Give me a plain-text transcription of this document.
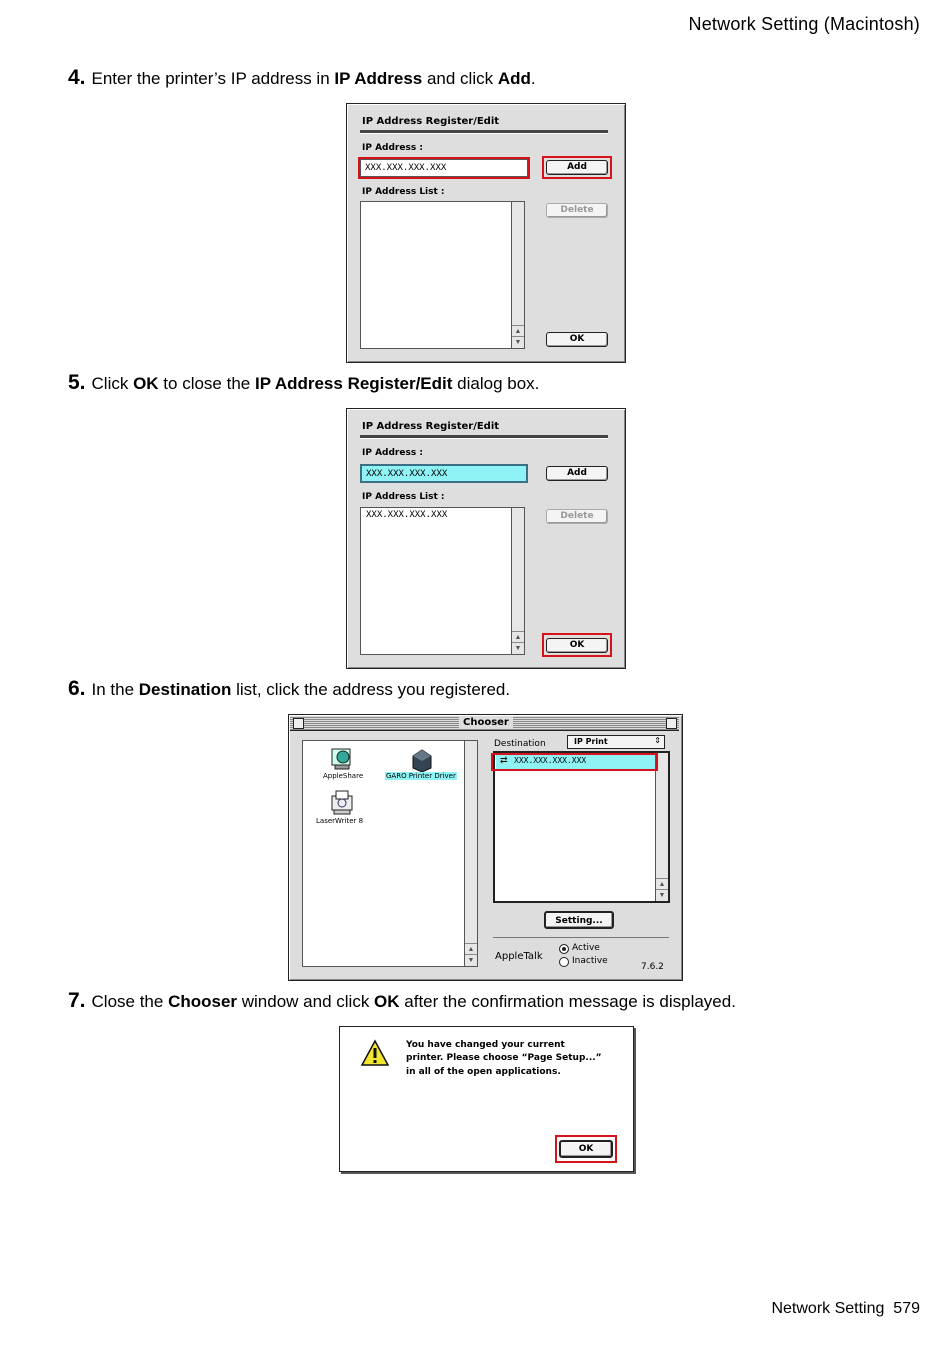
Network Setting (Macintosh)
4. Enter the printer’s IP address in IP Address and click Add.
IP Address Register/Edit
IP Address :
XXX.XXX.XXX.XXX	Add
IP Address List :
▲
▼
Delete
OK
5. Click OK to close the IP Address Register/Edit dialog box.
IP Address Register/Edit
IP Address :
XXX.XXX.XXX.XXX	Add
IP Address List :
XXX.XXX.XXX.XXX
▲
▼
Delete
OK
6. In the Destination list, click the address you registered.
Chooser
AppleShare	GARO Printer Driver
LaserWriter 8
▲
▼
Destination	IP Print	⇕
⇄ XXX.XXX.XXX.XXX
▲
▼
Setting...
AppleTalk
Active
Inactive
7.6.2
7. Close the Chooser window and click OK after the confirmation message is displayed.
You have changed your current
printer. Please choose “Page Setup...”
in all of the open applications.
OK
Network Setting 579
